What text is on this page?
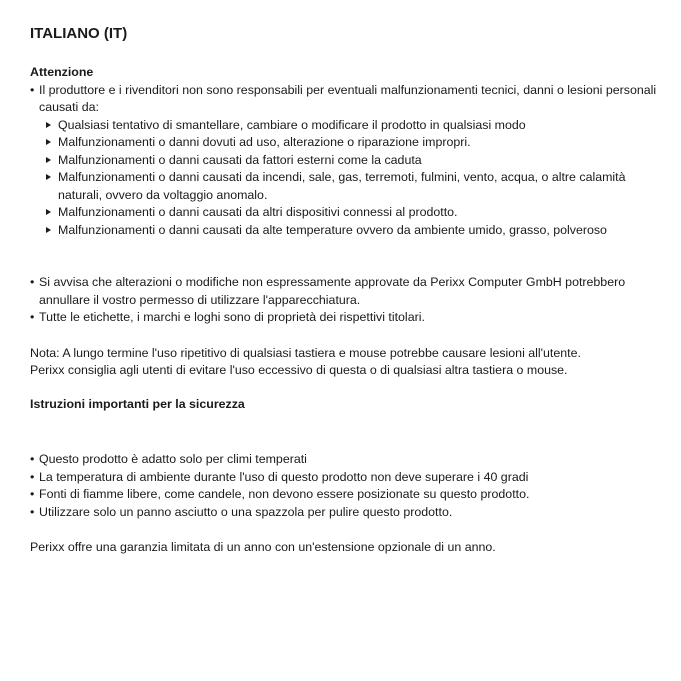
ITALIANO (IT)
Attenzione
• Il produttore e i rivenditori non sono responsabili per eventuali malfunzionamenti tecnici, danni o lesioni personali causati da:
Qualsiasi tentativo di smantellare, cambiare o modificare il prodotto in qualsiasi modo
Malfunzionamenti o danni dovuti ad uso, alterazione o riparazione impropri.
Malfunzionamenti o danni causati da fattori esterni come la caduta
Malfunzionamenti o danni causati da incendi, sale, gas, terremoti, fulmini, vento, acqua, o altre calamità naturali, ovvero da voltaggio anomalo.
Malfunzionamenti o danni causati da altri dispositivi connessi al prodotto.
Malfunzionamenti o danni causati da alte temperature ovvero da ambiente umido, grasso, polveroso
• Si avvisa che alterazioni o modifiche non espressamente approvate da Perixx Computer GmbH potrebbero annullare il vostro permesso di utilizzare l'apparecchiatura.
• Tutte le etichette, i marchi e loghi sono di proprietà dei rispettivi titolari.
Nota: A lungo termine l'uso ripetitivo di qualsiasi tastiera e mouse potrebbe causare lesioni all'utente.
Perixx consiglia agli utenti di evitare l'uso eccessivo di questa o di qualsiasi altra tastiera o mouse.
Istruzioni importanti per la sicurezza
• Questo prodotto è adatto solo per climi temperati
• La temperatura di ambiente durante l'uso di questo prodotto non deve superare i 40 gradi
• Fonti di fiamme libere, come candele, non devono essere posizionate su questo prodotto.
• Utilizzare solo un panno asciutto o una spazzola per pulire questo prodotto.
Perixx offre una garanzia limitata di un anno con un'estensione opzionale di un anno.
